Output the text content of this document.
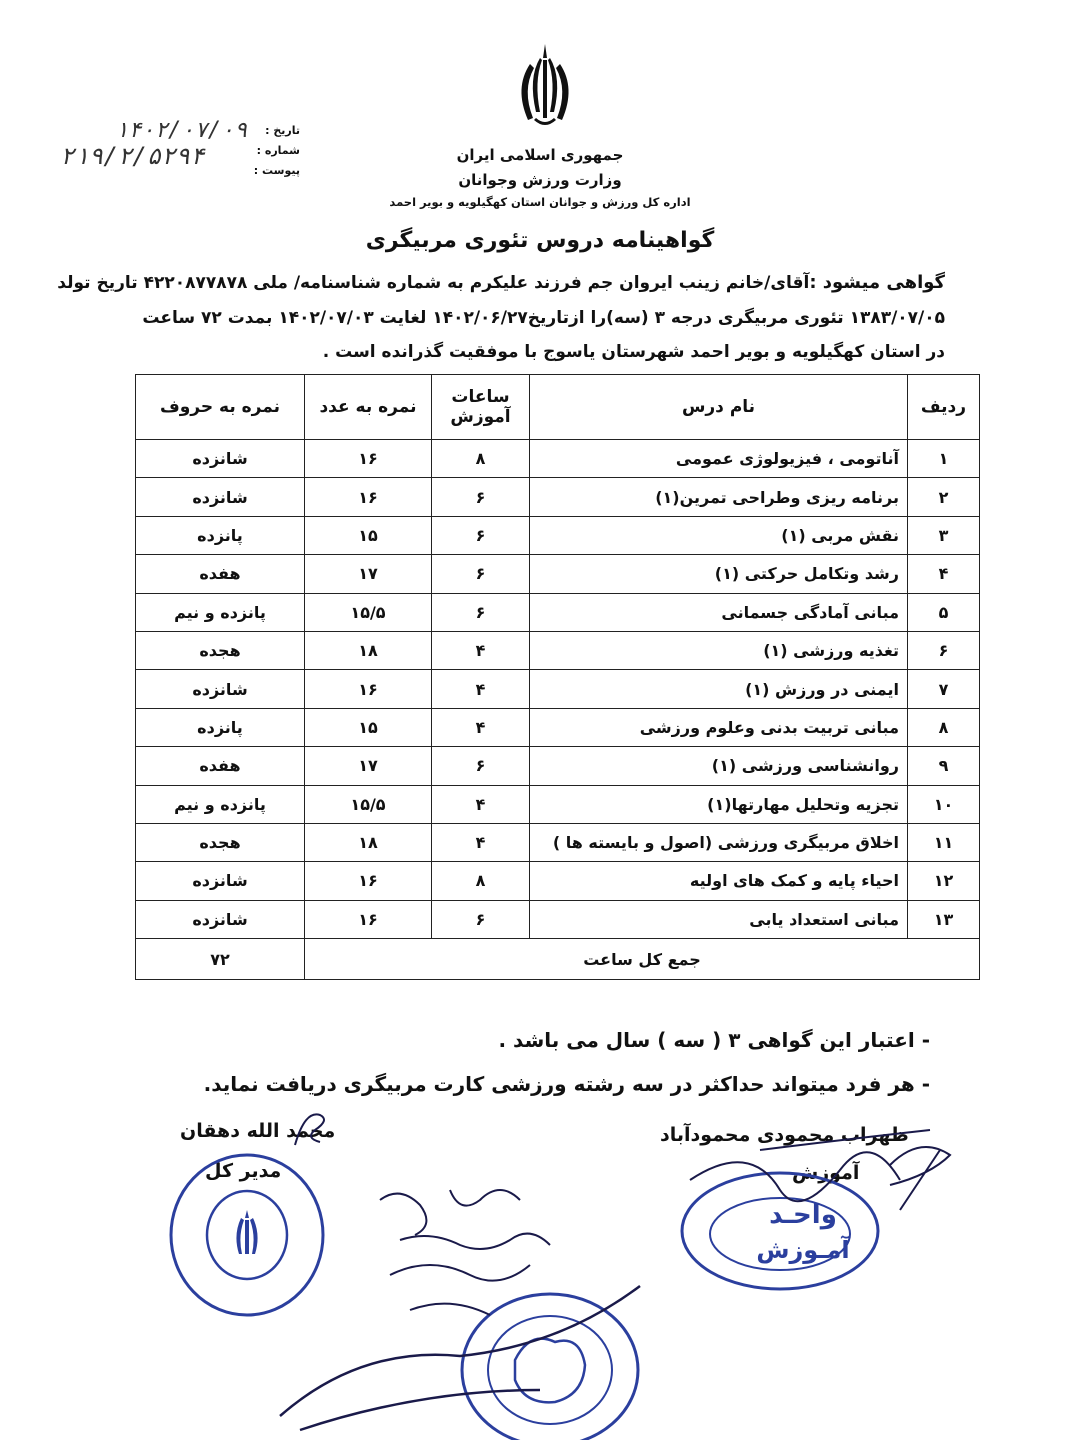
جمهوری اسلامی ایران
وزارت ورزش وجوانان
اداره کل ورزش و جوانان استان کهگیلویه و بویر احمد
تاریخ :
شماره :
پیوست :
۱۴۰۲/۰۷/۰۹
۲۱۹/۲/۵۲۹۴
گواهینامه دروس تئوری مربیگری
گواهی میشود :آقای/خانم زینب ایروان جم فرزند علیکرم به شماره شناسنامه/ ملی ۴۲۲۰۸۷۷۸۷۸ تاریخ تولد
۱۳۸۳/۰۷/۰۵ تئوری مربیگری درجه ۳ (سه)را ازتاریخ۱۴۰۲/۰۶/۲۷ لغایت ۱۴۰۲/۰۷/۰۳ بمدت ۷۲ ساعت
در استان کهگیلویه و بویر احمد شهرستان یاسوج با موفقیت گذرانده است .
ردیف	نام درس	ساعات آموزش	نمره به عدد	نمره به حروف
۱	آناتومی ، فیزیولوژی عمومی	۸	۱۶	شانزده
۲	برنامه ریزی وطراحی تمرین(۱)	۶	۱۶	شانزده
۳	نقش مربی (۱)	۶	۱۵	پانزده
۴	رشد وتکامل حرکتی (۱)	۶	۱۷	هفده
۵	مبانی آمادگی جسمانی	۶	۱۵/۵	پانزده و نیم
۶	تغذیه ورزشی (۱)	۴	۱۸	هجده
۷	ایمنی در ورزش (۱)	۴	۱۶	شانزده
۸	مبانی تربیت بدنی وعلوم ورزشی	۴	۱۵	پانزده
۹	روانشناسی ورزشی (۱)	۶	۱۷	هفده
۱۰	تجزیه وتحلیل مهارتها(۱)	۴	۱۵/۵	پانزده و نیم
۱۱	اخلاق مربیگری ورزشی (اصول و بایسته ها )	۴	۱۸	هجده
۱۲	احیاء پایه و کمک های اولیه	۸	۱۶	شانزده
۱۳	مبانی استعداد یابی	۶	۱۶	شانزده
جمع کل ساعت				۷۲
- اعتبار این گواهی ۳ ( سه ) سال می باشد .
- هر فرد میتواند حداکثر در سه رشته ورزشی کارت مربیگری دریافت نماید.
محمد الله دهقان
مدیر کل
ظهراب محمودی محمودآباد
آموزش
واحـد
آمـوزش
